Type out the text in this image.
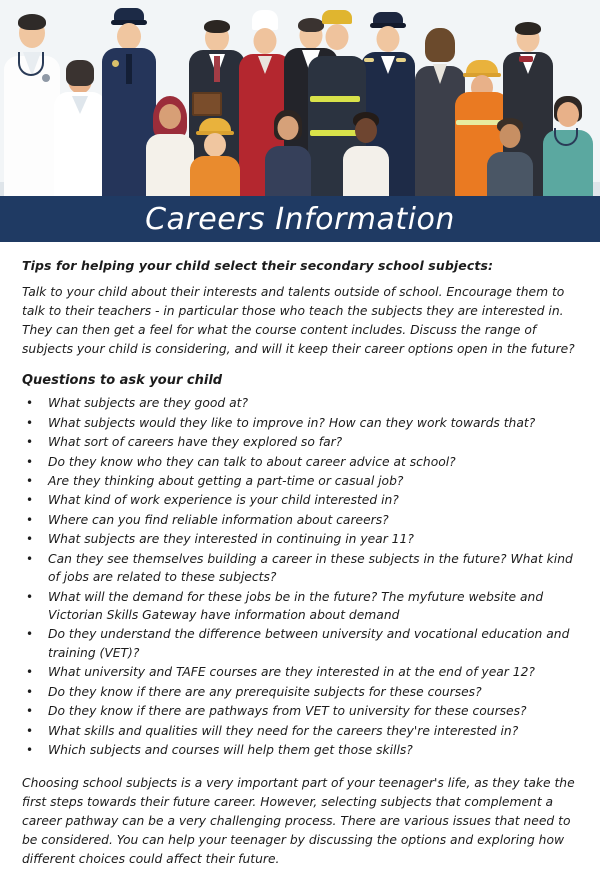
Careers Information
Tips for helping your child select their secondary school subjects:

Talk to your child about their interests and talents outside of school. Encourage them to talk to their teachers - in particular those who teach the subjects they are interested in. They can then get a feel for what the course content includes. Discuss the range of subjects your child is considering, and will it keep their career options open in the future?

Questions to ask your child
• What subjects are they good at?
• What subjects would they like to improve in? How can they work towards that?
• What sort of careers have they explored so far?
• Do they know who they can talk to about career advice at school?
• Are they thinking about getting a part-time or casual job?
• What kind of work experience is your child interested in?
• Where can you find reliable information about careers?
• What subjects are they interested in continuing in year 11?
• Can they see themselves building a career in these subjects in the future? What kind of jobs are related to these subjects?
• What will the demand for these jobs be in the future? The myfuture website and Victorian Skills Gateway have information about demand
• Do they understand the difference between university and vocational education and training (VET)?
• What university and TAFE courses are they interested in at the end of year 12?
• Do they know if there are any prerequisite subjects for these courses?
• Do they know if there are pathways from VET to university for these courses?
• What skills and qualities will they need for the careers they're interested in?
• Which subjects and courses will help them get those skills?

Choosing school subjects is a very important part of your teenager's life, as they take the first steps towards their future career. However, selecting subjects that complement a career pathway can be a very challenging process. There are various issues that need to be considered. You can help your teenager by discussing the options and exploring how different choices could affect their future.
